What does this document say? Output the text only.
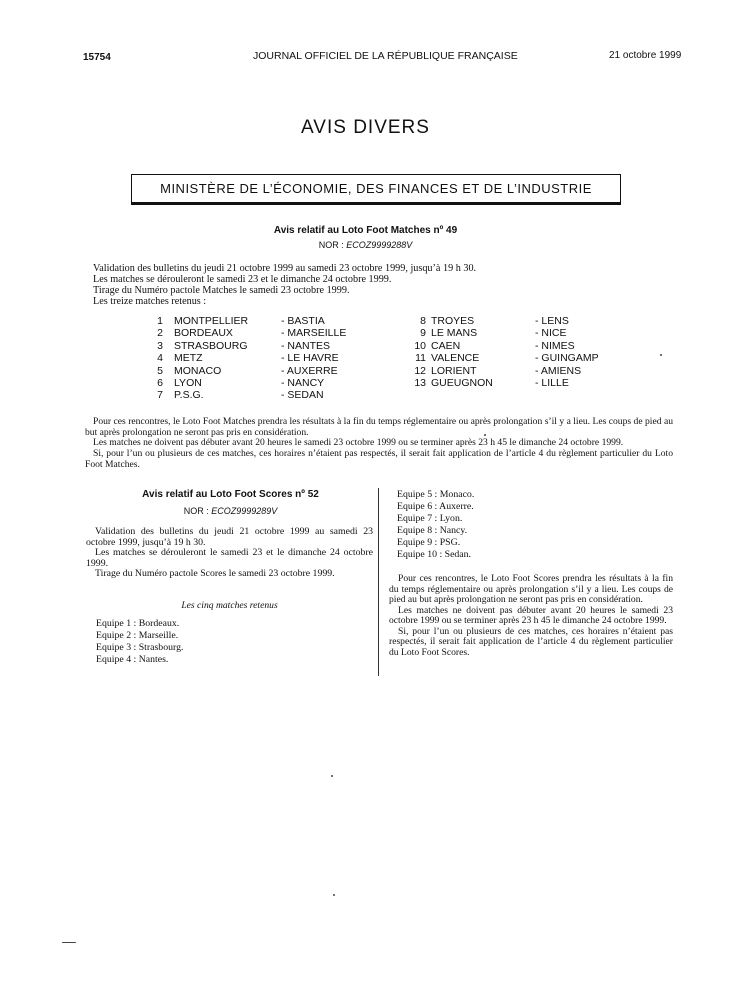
15754	JOURNAL OFFICIEL DE LA RÉPUBLIQUE FRANÇAISE	21 octobre 1999
AVIS DIVERS
MINISTÈRE DE L’ÉCONOMIE, DES FINANCES ET DE L’INDUSTRIE
Avis relatif au Loto Foot Matches nº 49
NOR : ECOZ9999288V
Validation des bulletins du jeudi 21 octobre 1999 au samedi 23 octobre 1999, jusqu’à 19 h 30.
Les matches se dérouleront le samedi 23 et le dimanche 24 octobre 1999.
Tirage du Numéro pactole Matches le samedi 23 octobre 1999.
Les treize matches retenus :
1 MONTPELLIER	- BASTIA
2 BORDEAUX	- MARSEILLE
3 STRASBOURG	- NANTES
4 METZ	- LE HAVRE
5 MONACO	- AUXERRE
6 LYON	- NANCY
7 P.S.G.	- SEDAN
8 TROYES	- LENS
9 LE MANS	- NICE
10 CAEN	- NIMES
11 VALENCE	- GUINGAMP
12 LORIENT	- AMIENS
13 GUEUGNON	- LILLE

Pour ces rencontres, le Loto Foot Matches prendra les résultats à la fin du temps réglementaire ou après prolongation s’il y a lieu. Les coups de pied au but après prolongation ne seront pas pris en considération.

Les matches ne doivent pas débuter avant 20 heures le samedi 23 octobre 1999 ou se terminer après 23 h 45 le dimanche 24 octobre 1999.

Si, pour l’un ou plusieurs de ces matches, ces horaires n’étaient pas respectés, il serait fait application de l’article 4 du règlement particulier du Loto Foot Matches.

Avis relatif au Loto Foot Scores nº 52
NOR : ECOZ9999289V

Validation des bulletins du jeudi 21 octobre 1999 au samedi 23 octobre 1999, jusqu’à 19 h 30.

Les matches se dérouleront le samedi 23 et le dimanche 24 octobre 1999.

Tirage du Numéro pactole Scores le samedi 23 octobre 1999.

Les cinq matches retenus
Equipe 1 : Bordeaux.
Equipe 2 : Marseille.
Equipe 3 : Strasbourg.
Equipe 4 : Nantes.
Equipe 5 : Monaco.
Equipe 6 : Auxerre.
Equipe 7 : Lyon.
Equipe 8 : Nancy.
Equipe 9 : PSG.
Equipe 10 : Sedan.

Pour ces rencontres, le Loto Foot Scores prendra les résultats à la fin du temps réglementaire ou après prolongation s’il y a lieu. Les coups de pied au but après prolongation ne seront pas pris en considération.

Les matches ne doivent pas débuter avant 20 heures le samedi 23 octobre 1999 ou se terminer après 23 h 45 le dimanche 24 octobre 1999.

Si, pour l’un ou plusieurs de ces matches, ces horaires n’étaient pas respectés, il serait fait application de l’article 4 du règlement particulier du Loto Foot Scores.
